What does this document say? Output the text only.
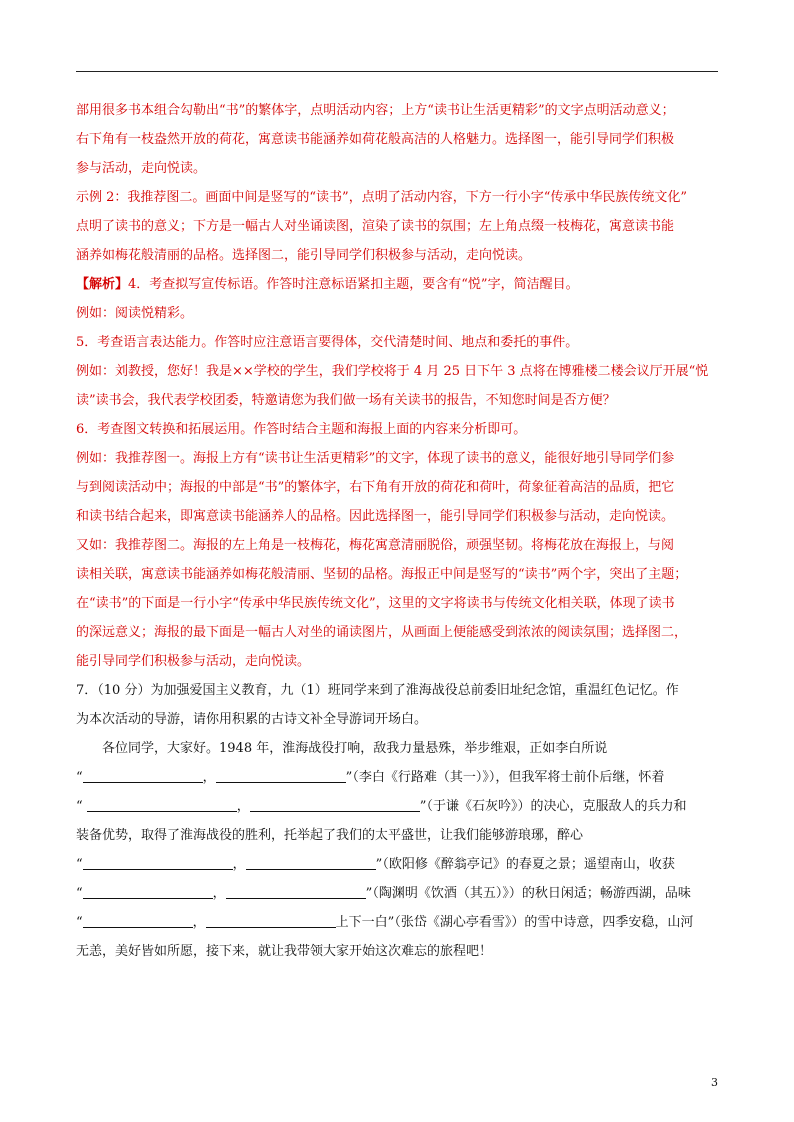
部用很多书本组合勾勒出“书”的繁体字，点明活动内容；上方“读书让生活更精彩”的文字点明活动意义；
右下角有一枝盎然开放的荷花，寓意读书能涵养如荷花般高洁的人格魅力。选择图一，能引导同学们积极
参与活动，走向悦读。
示例 2：我推荐图二。画面中间是竖写的“读书”，点明了活动内容，下方一行小字“传承中华民族传统文化”
点明了读书的意义；下方是一幅古人对坐诵读图，渲染了读书的氛围；左上角点缀一枝梅花，寓意读书能
涵养如梅花般清丽的品格。选择图二，能引导同学们积极参与活动，走向悦读。
【解析】4．考查拟写宣传标语。作答时注意标语紧扣主题，要含有“悦”字，简洁醒目。
例如：阅读悦精彩。
5．考查语言表达能力。作答时应注意语言要得体，交代清楚时间、地点和委托的事件。
例如：刘教授，您好！我是××学校的学生，我们学校将于 4 月 25 日下午 3 点将在博雅楼二楼会议厅开展“悦
读”读书会，我代表学校团委，特邀请您为我们做一场有关读书的报告，不知您时间是否方便？
6．考查图文转换和拓展运用。作答时结合主题和海报上面的内容来分析即可。
例如：我推荐图一。海报上方有“读书让生活更精彩”的文字，体现了读书的意义，能很好地引导同学们参
与到阅读活动中；海报的中部是“书”的繁体字，右下角有开放的荷花和荷叶，荷象征着高洁的品质，把它
和读书结合起来，即寓意读书能涵养人的品格。因此选择图一，能引导同学们积极参与活动，走向悦读。
又如：我推荐图二。海报的左上角是一枝梅花，梅花寓意清丽脱俗，顽强坚韧。将梅花放在海报上，与阅
读相关联，寓意读书能涵养如梅花般清丽、坚韧的品格。海报正中间是竖写的“读书”两个字，突出了主题；
在“读书”的下面是一行小字“传承中华民族传统文化”，这里的文字将读书与传统文化相关联，体现了读书
的深远意义；海报的最下面是一幅古人对坐的诵读图片，从画面上便能感受到浓浓的阅读氛围；选择图二，
能引导同学们积极参与活动，走向悦读。
7．（10 分）为加强爱国主义教育，九（1）班同学来到了淮海战役总前委旧址纪念馆，重温红色记忆。作
为本次活动的导游，请你用积累的古诗文补全导游词开场白。
各位同学，大家好。1948 年，淮海战役打响，敌我力量悬殊，举步维艰，正如李白所说
“	，	”（李白《行路难（其一）》），但我军将士前仆后继，怀着
“	，	”（于谦《石灰吟》）的决心，克服敌人的兵力和
装备优势，取得了淮海战役的胜利，托举起了我们的太平盛世，让我们能够游琅琊，醉心
“	，	”（欧阳修《醉翁亭记》的春夏之景；遥望南山，收获
“	，	”（陶渊明《饮酒（其五）》）的秋日闲适；畅游西湖，品味
“	，	上下一白”（张岱《湖心亭看雪》）的雪中诗意，四季安稳，山河
无恙，美好皆如所愿，接下来，就让我带领大家开始这次难忘的旅程吧！
3
